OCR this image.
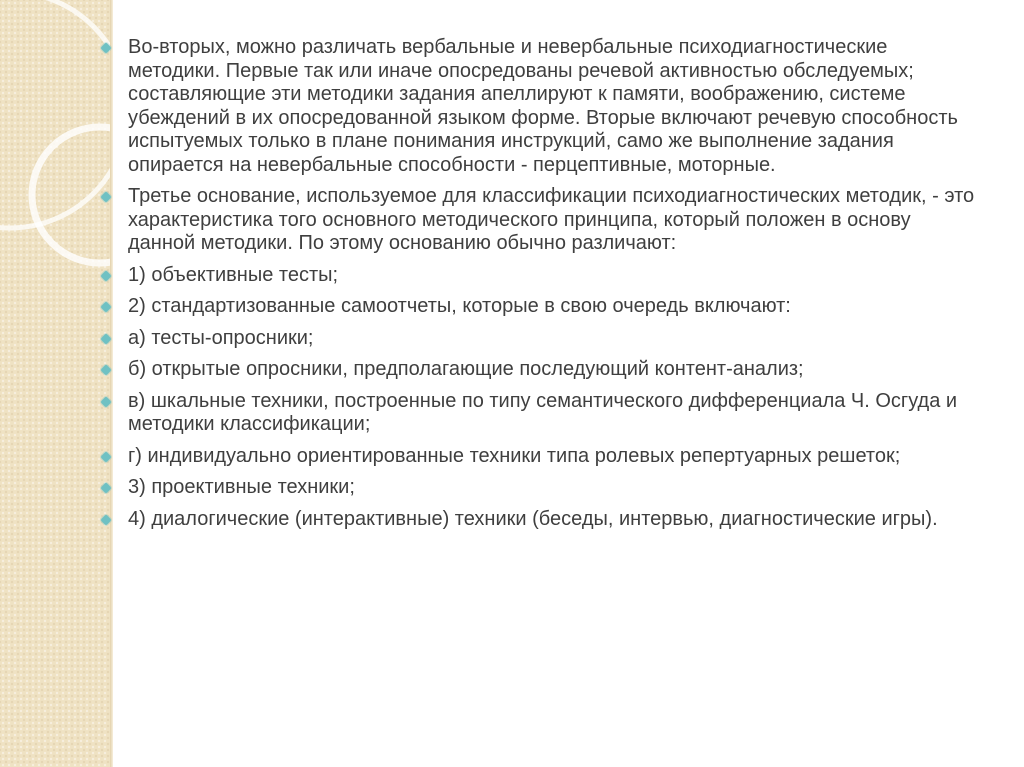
Во-вторых, можно различать вербальные и невербальные психодиагностические методики. Первые так или иначе опосредованы речевой активностью обследуемых; составляющие эти методики задания апеллируют к памяти, воображению, системе убеждений в их опосредованной языком форме. Вторые включают речевую способность испытуемых только в плане понимания инструкций, само же выполнение задания опирается на невербальные способности - перцептивные, моторные.
Третье основание, используемое для классификации психодиагностических методик, - это характеристика того основного методического принципа, который положен в основу данной методики. По этому основанию обычно различают:
1) объективные тесты;
2) стандартизованные самоотчеты, которые в свою очередь включают:
а) тесты-опросники;
б) открытые опросники, предполагающие последующий контент-анализ;
в) шкальные техники, построенные по типу семантического дифференциала Ч. Осгуда и методики классификации;
г) индивидуально ориентированные техники типа ролевых репертуарных решеток;
3) проективные техники;
4) диалогические (интерактивные) техники (беседы, интервью, диагностические игры).
